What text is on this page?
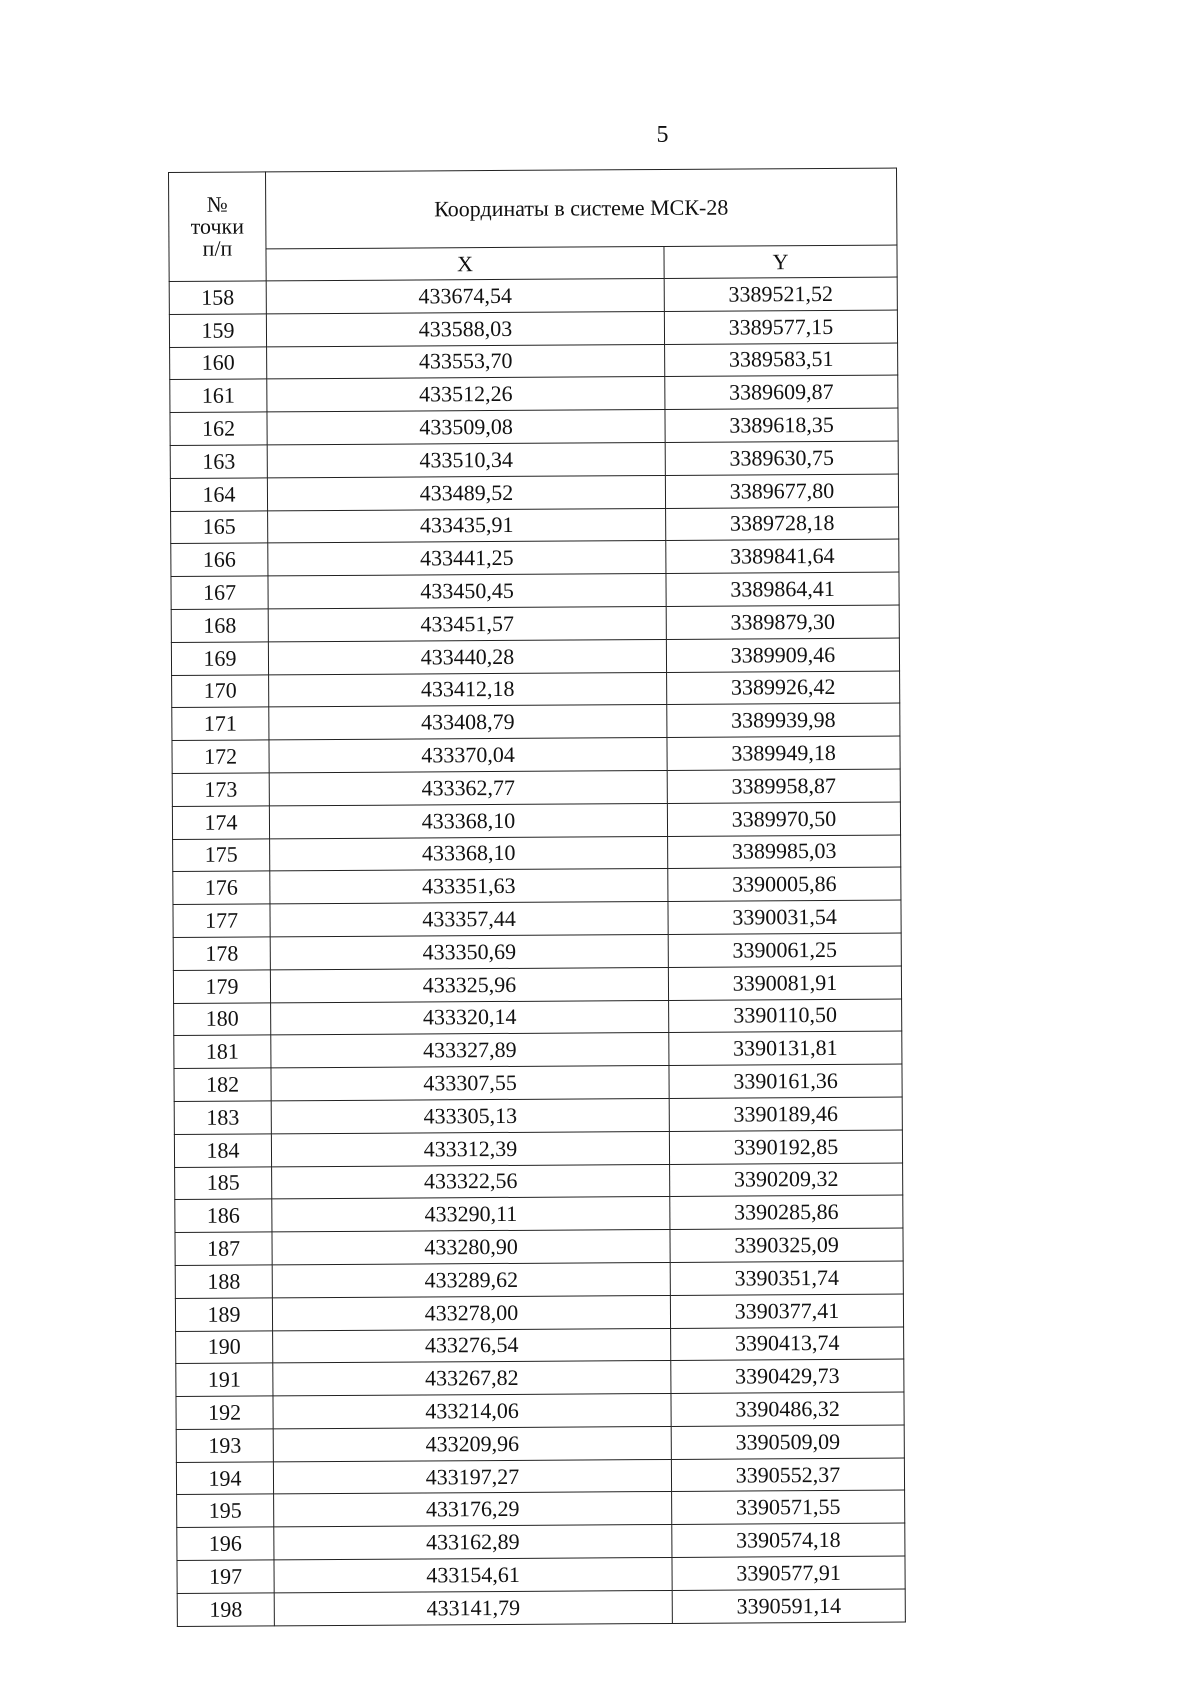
5
№
точки
п/п	Координаты в системе МСК-28	
	X	Y
158	433674,54	3389521,52
159	433588,03	3389577,15
160	433553,70	3389583,51
161	433512,26	3389609,87
162	433509,08	3389618,35
163	433510,34	3389630,75
164	433489,52	3389677,80
165	433435,91	3389728,18
166	433441,25	3389841,64
167	433450,45	3389864,41
168	433451,57	3389879,30
169	433440,28	3389909,46
170	433412,18	3389926,42
171	433408,79	3389939,98
172	433370,04	3389949,18
173	433362,77	3389958,87
174	433368,10	3389970,50
175	433368,10	3389985,03
176	433351,63	3390005,86
177	433357,44	3390031,54
178	433350,69	3390061,25
179	433325,96	3390081,91
180	433320,14	3390110,50
181	433327,89	3390131,81
182	433307,55	3390161,36
183	433305,13	3390189,46
184	433312,39	3390192,85
185	433322,56	3390209,32
186	433290,11	3390285,86
187	433280,90	3390325,09
188	433289,62	3390351,74
189	433278,00	3390377,41
190	433276,54	3390413,74
191	433267,82	3390429,73
192	433214,06	3390486,32
193	433209,96	3390509,09
194	433197,27	3390552,37
195	433176,29	3390571,55
196	433162,89	3390574,18
197	433154,61	3390577,91
198	433141,79	3390591,14
